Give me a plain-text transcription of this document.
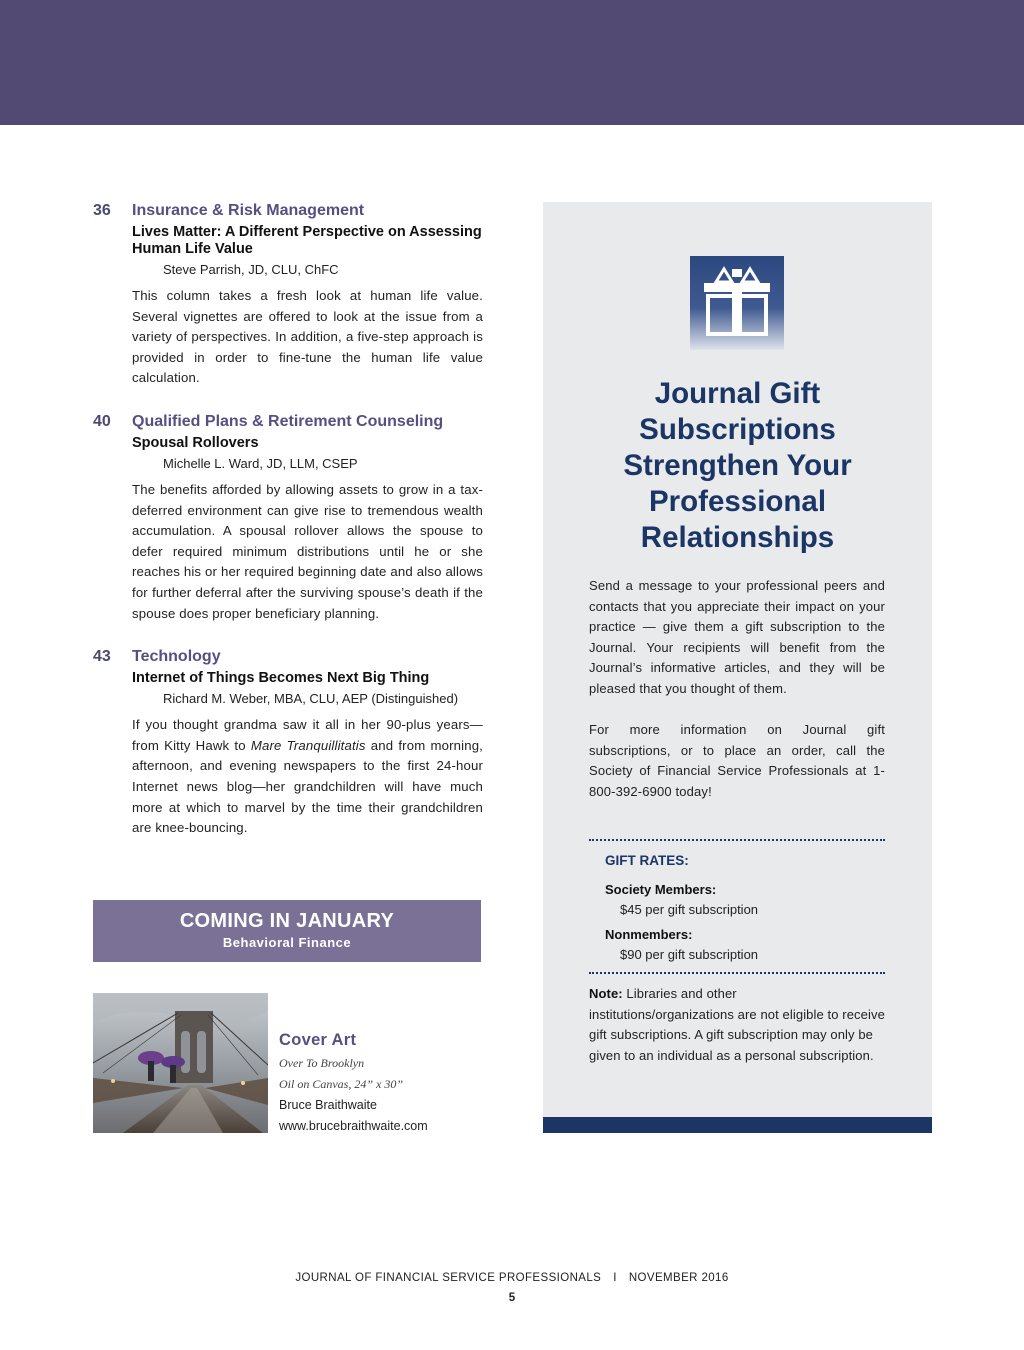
36 Insurance & Risk Management
Lives Matter: A Different Perspective on Assessing Human Life Value
Steve Parrish, JD, CLU, ChFC
This column takes a fresh look at human life value. Several vignettes are offered to look at the issue from a variety of perspectives. In addition, a five-step approach is provided in order to fine-tune the human life value calculation.
40 Qualified Plans & Retirement Counseling
Spousal Rollovers
Michelle L. Ward, JD, LLM, CSEP
The benefits afforded by allowing assets to grow in a tax-deferred environment can give rise to tremendous wealth accumulation. A spousal rollover allows the spouse to defer required minimum distributions until he or she reaches his or her required beginning date and also allows for further deferral after the surviving spouse’s death if the spouse does proper beneficiary planning.
43 Technology
Internet of Things Becomes Next Big Thing
Richard M. Weber, MBA, CLU, AEP (Distinguished)
If you thought grandma saw it all in her 90-plus years—from Kitty Hawk to Mare Tranquillitatis and from morning, afternoon, and evening newspapers to the first 24-hour Internet news blog—her grandchildren will have much more at which to marvel by the time their grandchildren are knee-bouncing.
COMING IN JANUARY
Behavioral Finance
Cover Art
Over To Brooklyn
Oil on Canvas, 24” x 30”
Bruce Braithwaite
www.brucebraithwaite.com
Journal Gift Subscriptions Strengthen Your Professional Relationships

Send a message to your professional peers and contacts that you appreciate their impact on your practice — give them a gift subscription to the Journal. Your recipients will benefit from the Journal’s informative articles, and they will be pleased that you thought of them.

For more information on Journal gift subscriptions, or to place an order, call the Society of Financial Service Professionals at 1-800-392-6900 today!

GIFT RATES:
Society Members:
$45 per gift subscription
Nonmembers:
$90 per gift subscription
Note: Libraries and other institutions/organizations are not eligible to receive gift subscriptions. A gift subscription may only be given to an individual as a personal subscription.
JOURNAL OF FINANCIAL SERVICE PROFESSIONALS I NOVEMBER 2016
5
